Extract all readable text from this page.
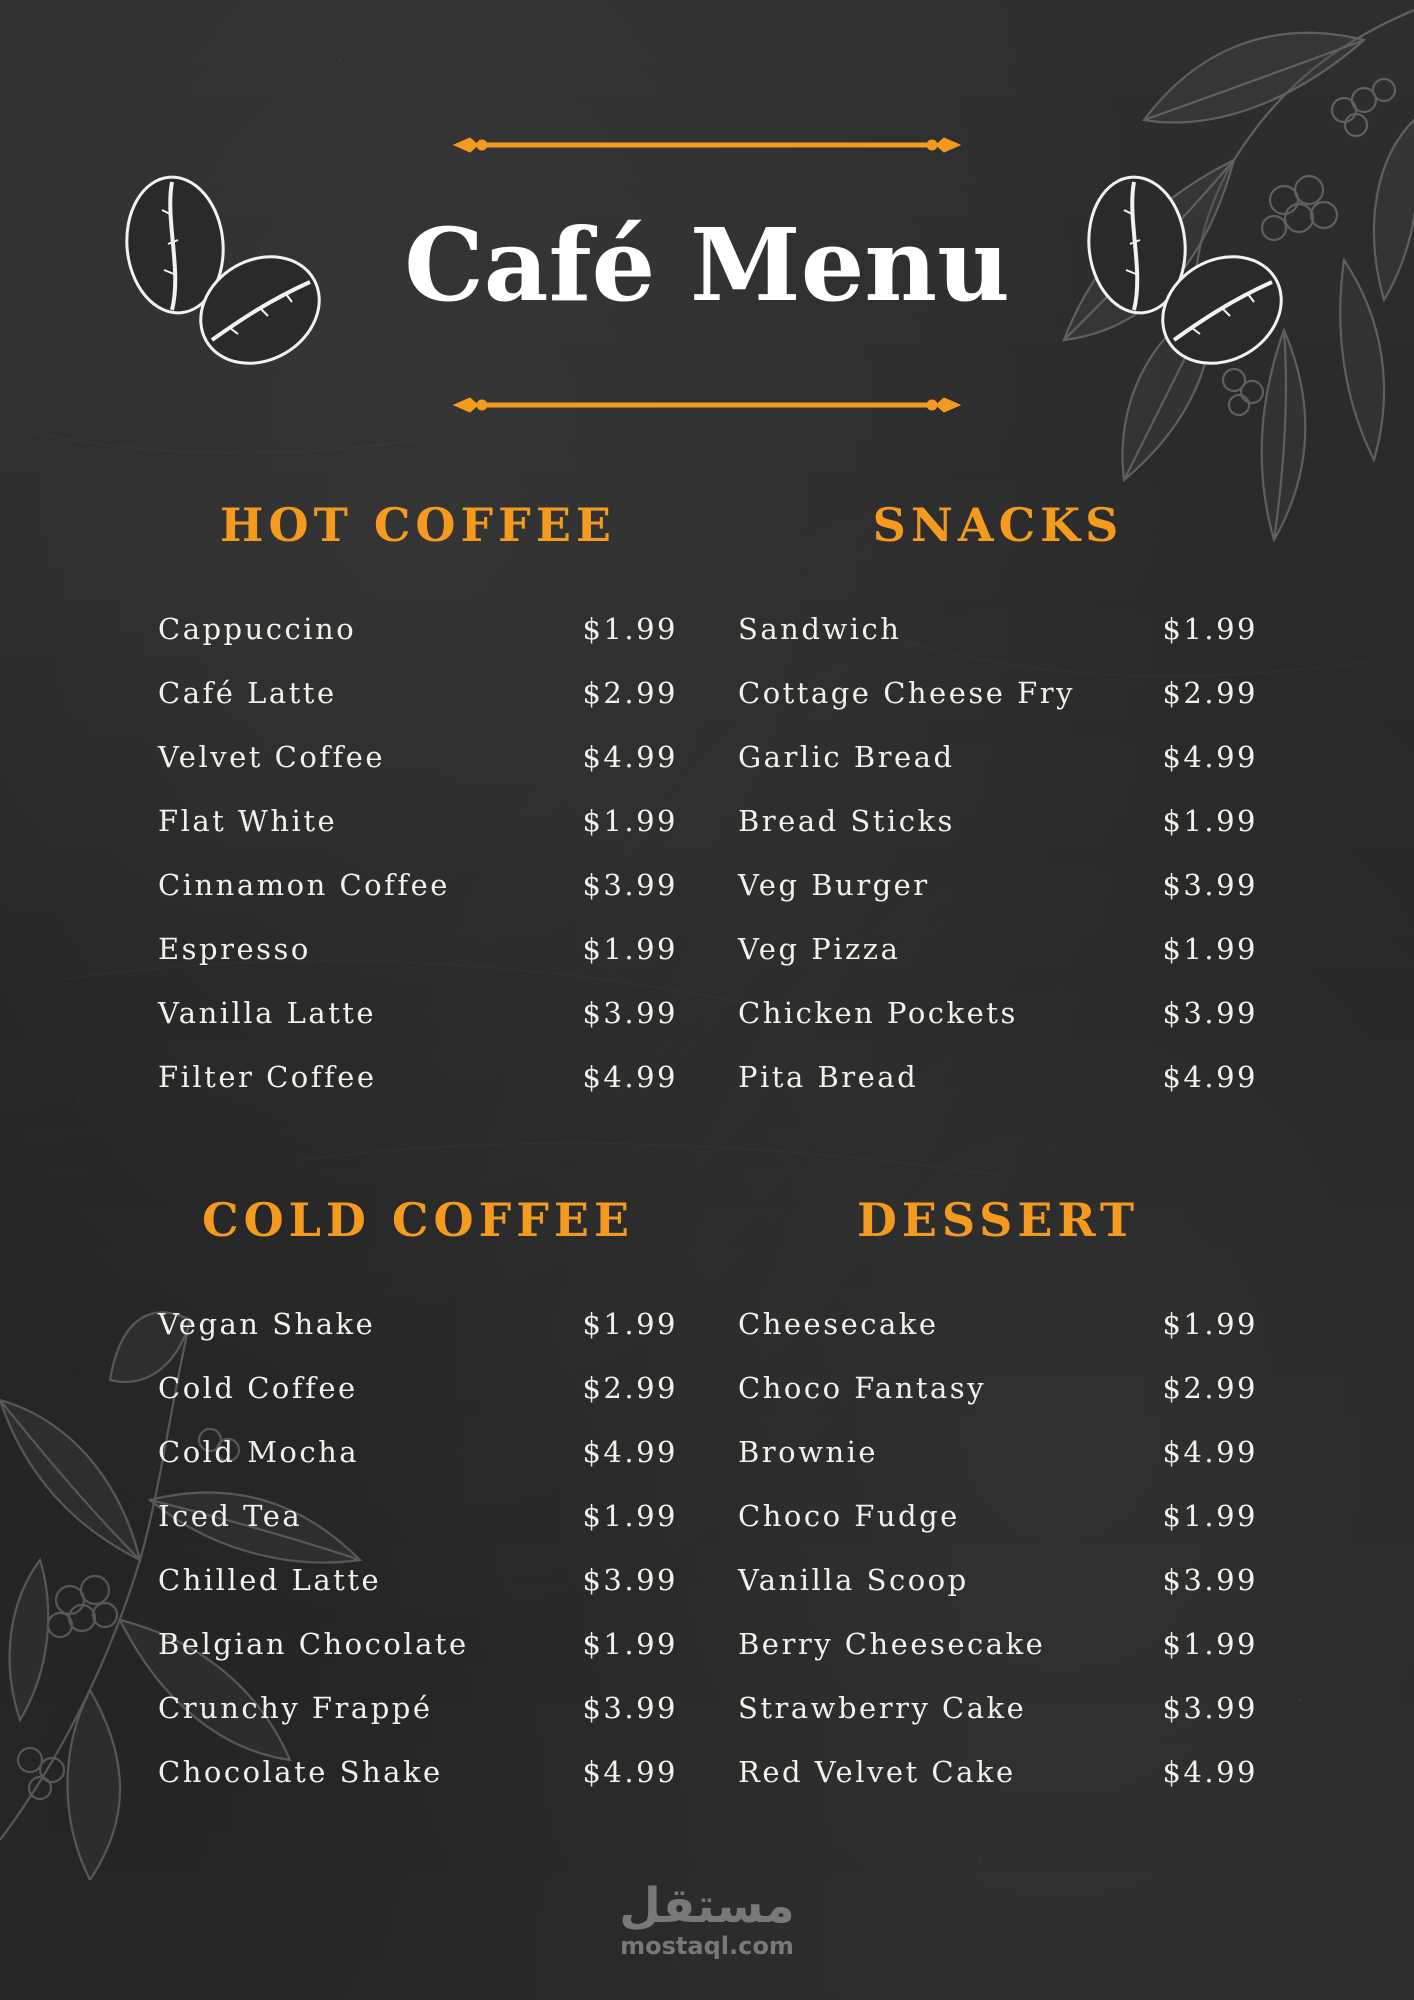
Café Menu
HOT COFFEE
Cappuccino	$1.99
Café Latte	$2.99
Velvet Coffee	$4.99
Flat White	$1.99
Cinnamon Coffee	$3.99
Espresso	$1.99
Vanilla Latte	$3.99
Filter Coffee	$4.99
SNACKS
Sandwich	$1.99
Cottage Cheese Fry	$2.99
Garlic Bread	$4.99
Bread Sticks	$1.99
Veg Burger	$3.99
Veg Pizza	$1.99
Chicken Pockets	$3.99
Pita Bread	$4.99
COLD COFFEE
Vegan Shake	$1.99
Cold Coffee	$2.99
Cold Mocha	$4.99
Iced Tea	$1.99
Chilled Latte	$3.99
Belgian Chocolate	$1.99
Crunchy Frappé	$3.99
Chocolate Shake	$4.99
DESSERT
Cheesecake	$1.99
Choco Fantasy	$2.99
Brownie	$4.99
Choco Fudge	$1.99
Vanilla Scoop	$3.99
Berry Cheesecake	$1.99
Strawberry Cake	$3.99
Red Velvet Cake	$4.99
مستقل
mostaql.com
